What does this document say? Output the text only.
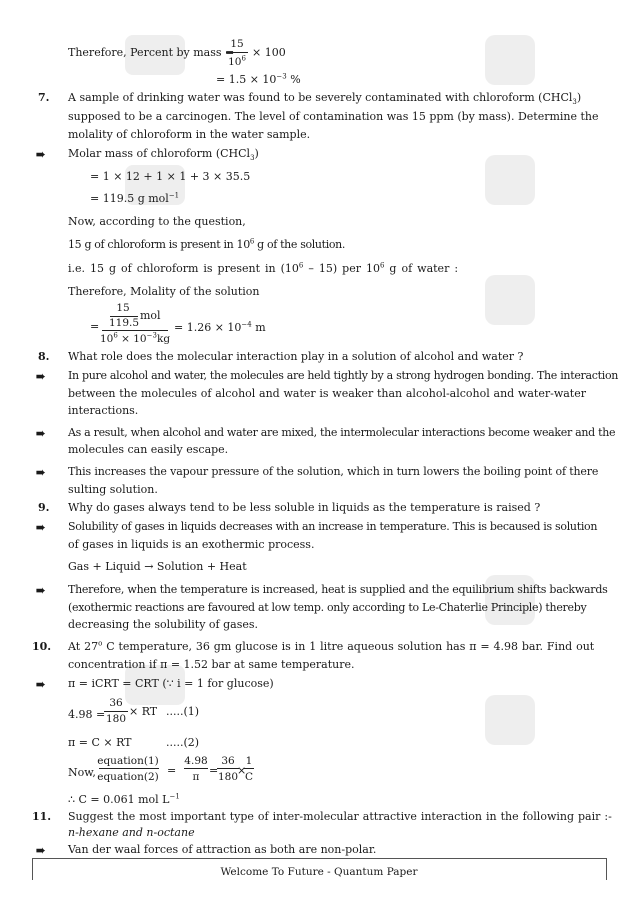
Therefore, Percent by mass =
15
$10^6 \times 100$
= $1.5 \times 10^{-3}$ %
7. A sample of drinking water was found to be severely contaminated with chloroform (CHCl$_3$)
supposed to be a carcinogen. The level of contamination was 15 ppm (by mass). Determine the
molality of chloroform in the water sample.
➠ Molar mass of chloroform (CHCl$_3$)
= 1 × 12 + 1 × 1 + 3 × 35.5
= 119.5 g mol$^{-1}$
Now, according to the question,
15 g of chloroform is present in $10^6$ g of the solution.
i.e. 15 g of chloroform is present in $(10^6 - 15)$ per $10^6$ g of water :
Therefore, Molality of the solution
=
15
119.5
mol
$10^6 \times 10^{-3}kg$
= $1.26 \times 10^{-4}$ m
8. What role does the molecular interaction play in a solution of alcohol and water ?
➠ In pure alcohol and water, the molecules are held tightly by a strong hydrogen bonding. The interaction
between the molecules of alcohol and water is weaker than alcohol-alcohol and water-water
interactions.
➠ As a result, when alcohol and water are mixed, the intermolecular interactions become weaker and the
molecules can easily escape.
➠ This increases the vapour pressure of the solution, which in turn lowers the boiling point of there
sulting solution.
9. Why do gases always tend to be less soluble in liquids as the temperature is raised ?
➠ Solubility of gases in liquids decreases with an increase in temperature. This is becaused is solution
of gases in liquids is an exothermic process.
Gas + Liquid → Solution + Heat
➠ Therefore, when the temperature is increased, heat is supplied and the equilibrium shifts backwards
(exothermic reactions are favoured at low temp. only according to Le-Chaterlie Principle) thereby
decreasing the solubility of gases.
10. At 27$^o$ C temperature, 36 gm glucose is in 1 litre aqueous solution has π = 4.98 bar. Find out
concentration if π = 1.52 bar at same temperature.
➠ π = iCRT = CRT (∵ i = 1 for glucose)
4.98 =
36
180
× RT .....(1)
π = C × RT	.....(2)
Now,
equation(1)
equation(2) =
4.98
π =
36
180
×
1
C
∴ C = 0.061 mol $L^{-1}$
11. Suggest the most important type of inter-molecular attractive interaction in the following pair :-
n-hexane and n-octane
➠ Van der waal forces of attraction as both are non-polar.
Welcome To Future - Quantum Paper
